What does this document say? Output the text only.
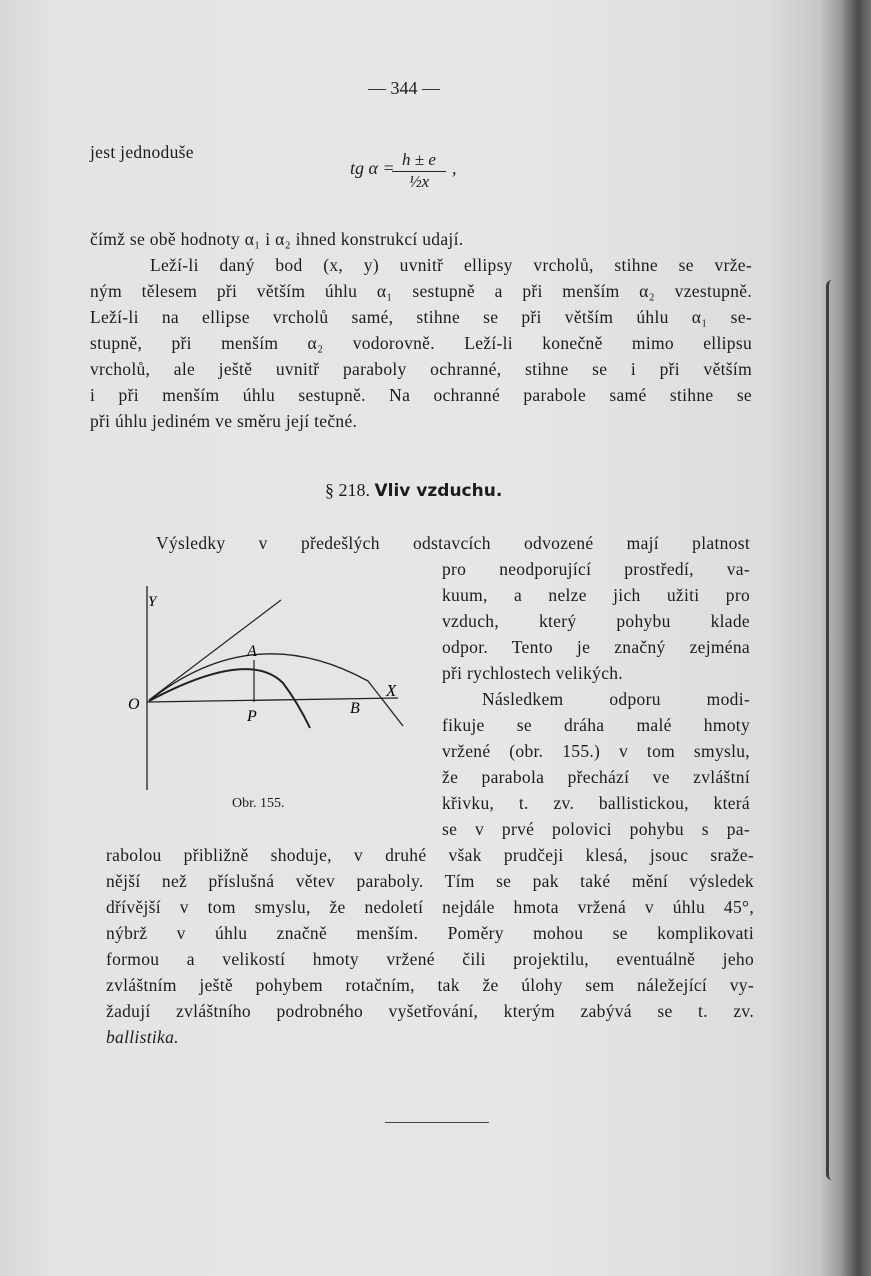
— 344 —
jest jednoduše
tg α =
$\frac{h \pm e}{\text{½x}}$ ,
čímž se obě hodnoty α₁ i α₂ ihned konstrukcí udají.
Leží-li daný bod (x, y) uvnitř ellipsy vrcholů, stihne se vrže-
ným tělesem při větším úhlu α₁ sestupně a při menším α₂ vzestupně.
Leží-li na ellipse vrcholů samé, stihne se při větším úhlu α₁ se-
stupně, při menším α₂ vodorovně. Leží-li konečně mimo ellipsu
vrcholů, ale ještě uvnitř paraboly ochranné, stihne se i při větším
i při menším úhlu sestupně. Na ochranné parabole samé stihne se
při úhlu jediném ve směru její tečné.
§ 218. Vliv vzduchu.
Výsledky v předešlých odstavcích odvozené mají platnost
pro neodporující prostředí, va-
kuum, a nelze jich užiti pro
vzduch, který pohybu klade
odpor. Tento je značný zejména
při rychlostech velikých.
Následkem odporu modi-
fikuje se dráha malé hmoty
vržené (obr. 155.) v tom smyslu,
že parabola přechází ve zvláštní
křivku, t. zv. ballistickou, která
se v prvé polovici pohybu s pa-
rabolou přibližně shoduje, v druhé však prudčeji klesá, jsouc sraže-
nější než příslušná větev paraboly. Tím se pak také mění výsledek
dřívější v tom smyslu, že nedoletí nejdále hmota vržená v úhlu 45°,
nýbrž v úhlu značně menším. Poměry mohou se komplikovati
formou a velikostí hmoty vržené čili projektilu, eventuálně jeho
zvláštním ještě pohybem rotačním, tak že úlohy sem náležející vy-
žadují zvláštního podrobného vyšetřování, kterým zabývá se t. zv.
ballistika.
Y
X
O
A
P	B
Obr. 155.
